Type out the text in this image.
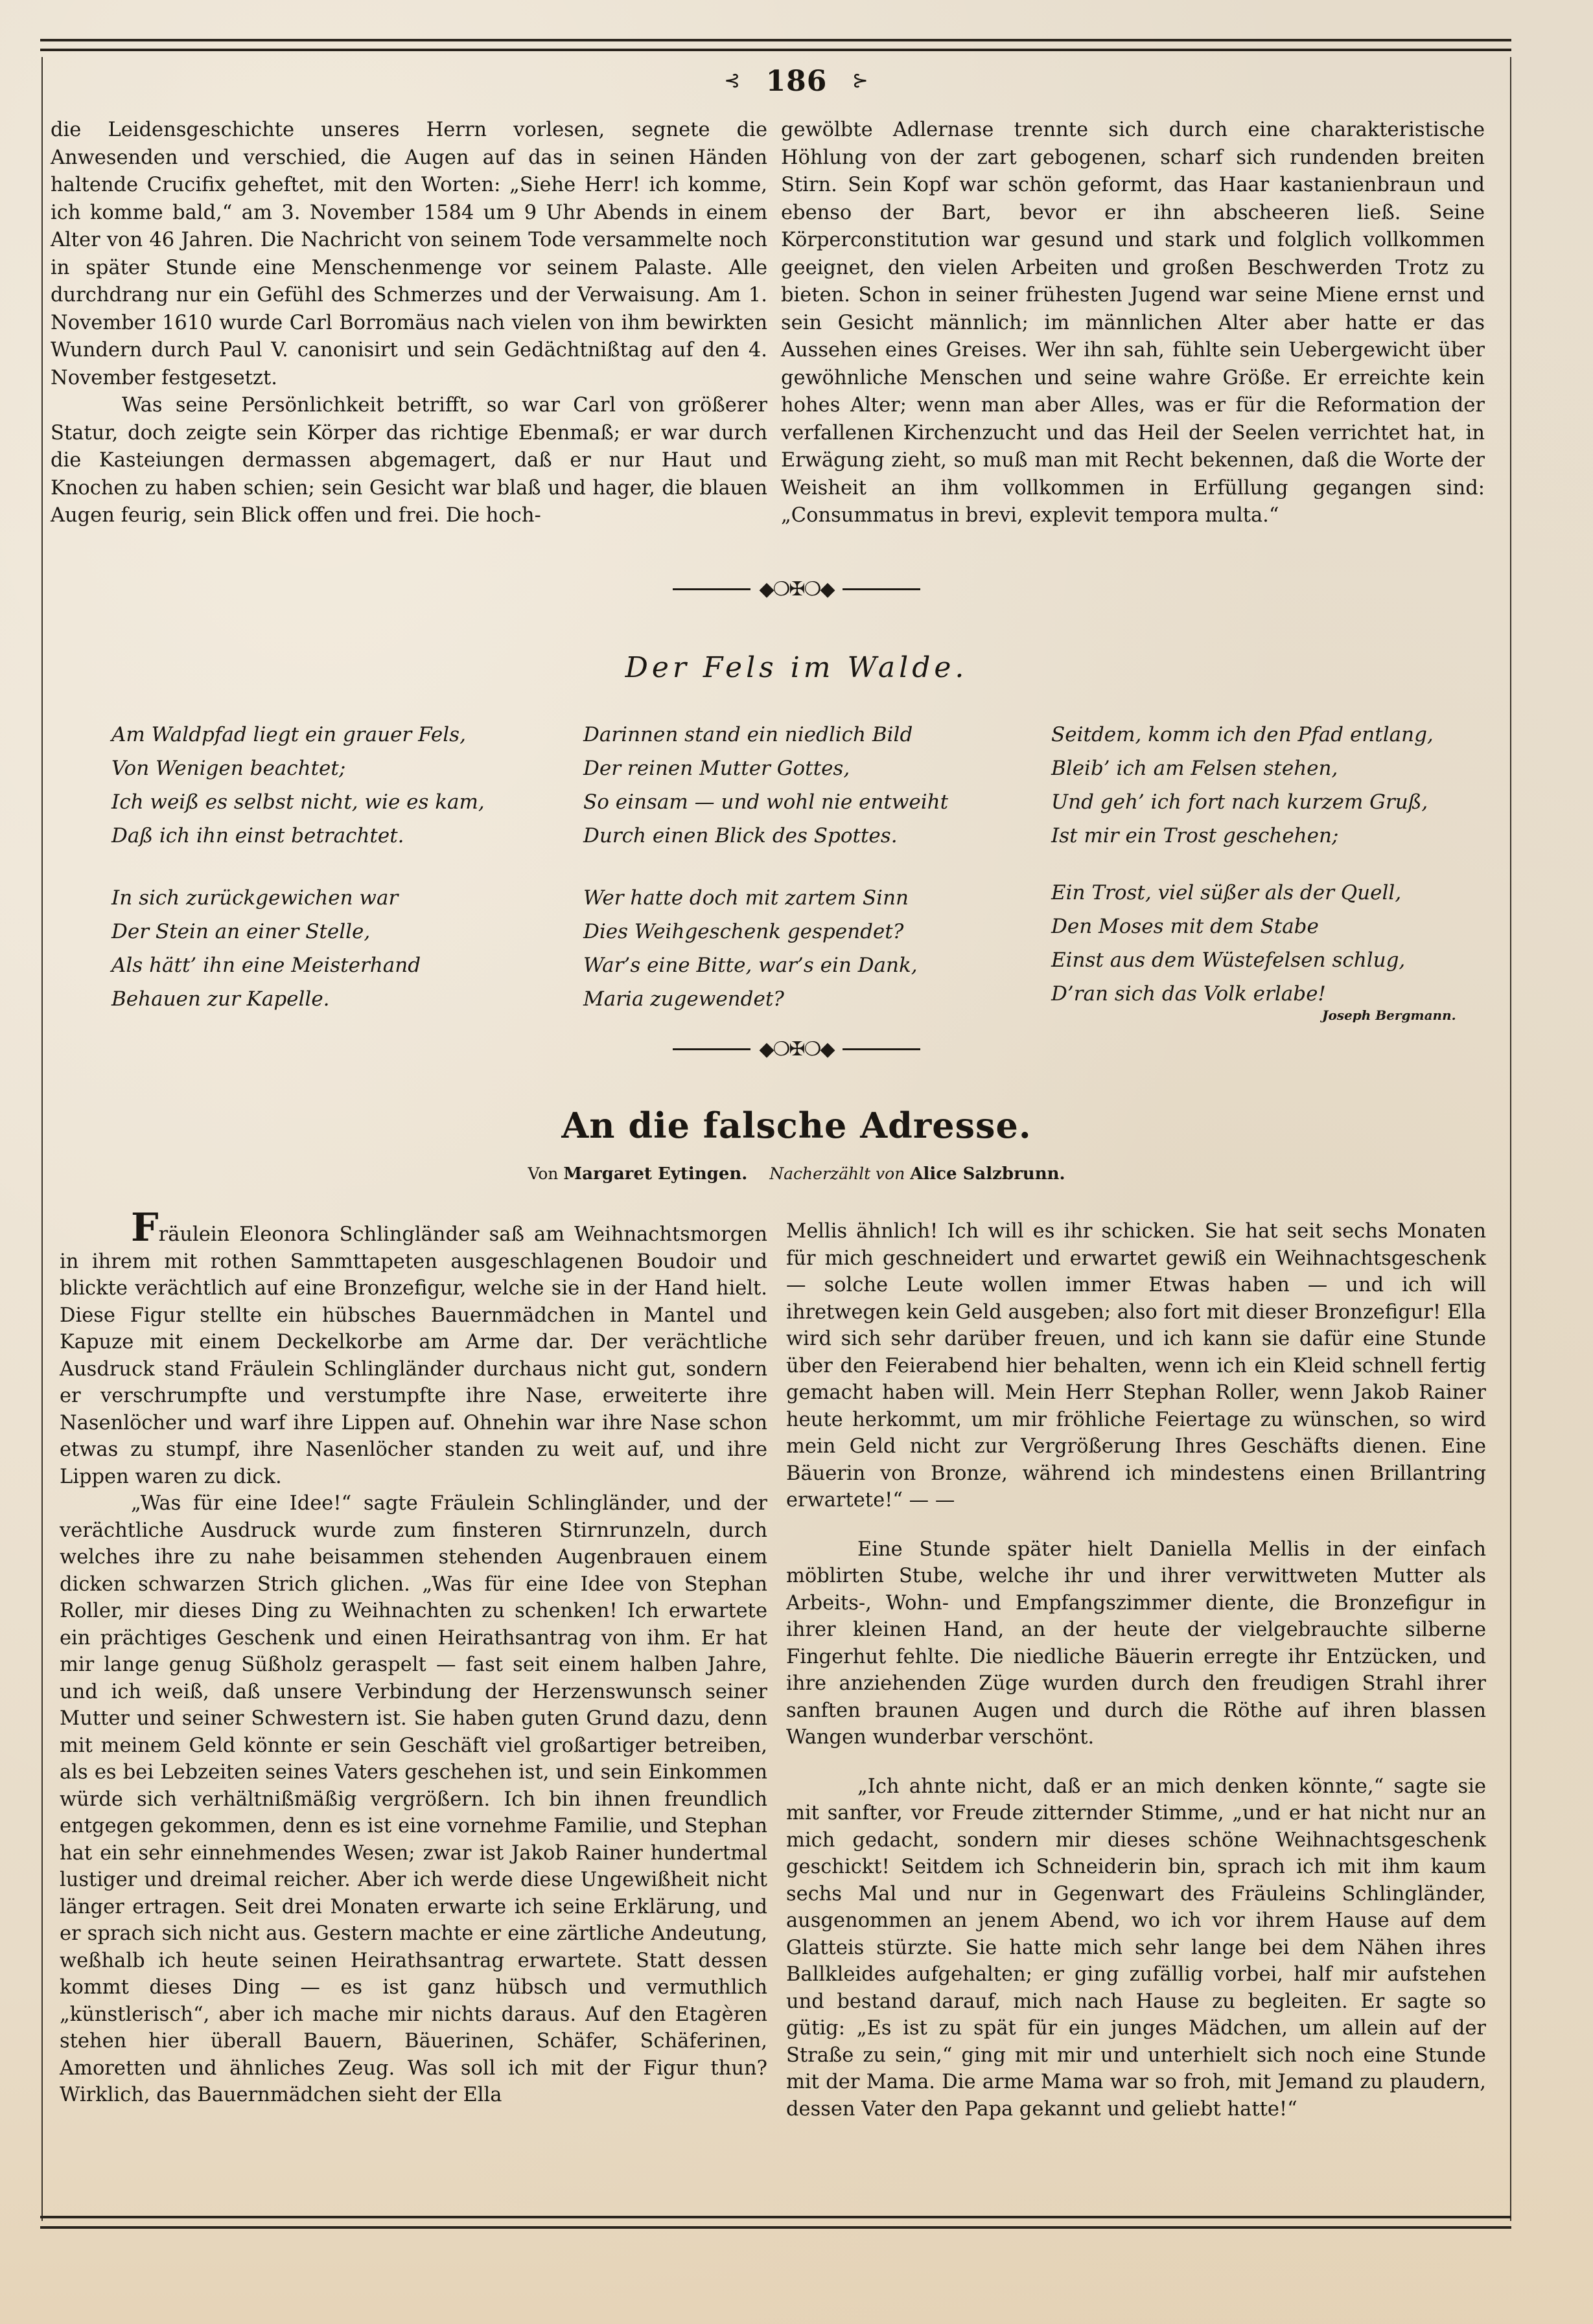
⊰ 186 ⊱

die Leidensgeschichte unseres Herrn vorlesen, segnete die Anwesenden und verschied, die Augen auf das in seinen Händen haltende Crucifix geheftet, mit den Worten: „Siehe Herr! ich komme, ich komme bald,“ am 3. November 1584 um 9 Uhr Abends in einem Alter von 46 Jahren. Die Nachricht von seinem Tode versammelte noch in später Stunde eine Menschenmenge vor seinem Palaste. Alle durchdrang nur ein Gefühl des Schmerzes und der Verwaisung. Am 1. November 1610 wurde Carl Borromäus nach vielen von ihm bewirkten Wundern durch Paul V. canonisirt und sein Gedächtnißtag auf den 4. November festgesetzt.

Was seine Persönlichkeit betrifft, so war Carl von größerer Statur, doch zeigte sein Körper das richtige Ebenmaß; er war durch die Kasteiungen dermassen abgemagert, daß er nur Haut und Knochen zu haben schien; sein Gesicht war blaß und hager, die blauen Augen feurig, sein Blick offen und frei. Die hoch-

gewölbte Adlernase trennte sich durch eine charakteristische Höhlung von der zart gebogenen, scharf sich rundenden breiten Stirn. Sein Kopf war schön geformt, das Haar kastanienbraun und ebenso der Bart, bevor er ihn abscheeren ließ. Seine Körperconstitution war gesund und stark und folglich vollkommen geeignet, den vielen Arbeiten und großen Beschwerden Trotz zu bieten. Schon in seiner frühesten Jugend war seine Miene ernst und sein Gesicht männlich; im männlichen Alter aber hatte er das Aussehen eines Greises. Wer ihn sah, fühlte sein Uebergewicht über gewöhnliche Menschen und seine wahre Größe. Er erreichte kein hohes Alter; wenn man aber Alles, was er für die Reformation der verfallenen Kirchenzucht und das Heil der Seelen verrichtet hat, in Erwägung zieht, so muß man mit Recht bekennen, daß die Worte der Weisheit an ihm vollkommen in Erfüllung gegangen sind: „Consummatus in brevi, explevit tempora multa.“

◆❍✠❍◆
Der Fels im Walde.
Am Waldpfad liegt ein grauer Fels,
Von Wenigen beachtet;
Ich weiß es selbst nicht, wie es kam,
Daß ich ihn einst betrachtet.
In sich zurückgewichen war
Der Stein an einer Stelle,
Als hätt’ ihn eine Meisterhand
Behauen zur Kapelle.
Darinnen stand ein niedlich Bild
Der reinen Mutter Gottes,
So einsam — und wohl nie entweiht
Durch einen Blick des Spottes.
Wer hatte doch mit zartem Sinn
Dies Weihgeschenk gespendet?
War’s eine Bitte, war’s ein Dank,
Maria zugewendet?
Seitdem, komm ich den Pfad entlang,
Bleib’ ich am Felsen stehen,
Und geh’ ich fort nach kurzem Gruß,
Ist mir ein Trost geschehen;
Ein Trost, viel süßer als der Quell,
Den Moses mit dem Stabe
Einst aus dem Wüstefelsen schlug,
D’ran sich das Volk erlabe!
Joseph Bergmann.
◆❍✠❍◆
An die falsche Adresse.
Von Margaret Eytingen. Nacherzählt von Alice Salzbrunn.

Fräulein Eleonora Schlingländer saß am Weihnachtsmorgen in ihrem mit rothen Sammttapeten ausgeschlagenen Boudoir und blickte verächtlich auf eine Bronzefigur, welche sie in der Hand hielt. Diese Figur stellte ein hübsches Bauernmädchen in Mantel und Kapuze mit einem Deckelkorbe am Arme dar. Der verächtliche Ausdruck stand Fräulein Schlingländer durchaus nicht gut, sondern er verschrumpfte und verstumpfte ihre Nase, erweiterte ihre Nasenlöcher und warf ihre Lippen auf. Ohnehin war ihre Nase schon etwas zu stumpf, ihre Nasenlöcher standen zu weit auf, und ihre Lippen waren zu dick.

„Was für eine Idee!“ sagte Fräulein Schlingländer, und der verächtliche Ausdruck wurde zum finsteren Stirnrunzeln, durch welches ihre zu nahe beisammen stehenden Augenbrauen einem dicken schwarzen Strich glichen. „Was für eine Idee von Stephan Roller, mir dieses Ding zu Weihnachten zu schenken! Ich erwartete ein prächtiges Geschenk und einen Heirathsantrag von ihm. Er hat mir lange genug Süßholz geraspelt — fast seit einem halben Jahre, und ich weiß, daß unsere Verbindung der Herzenswunsch seiner Mutter und seiner Schwestern ist. Sie haben guten Grund dazu, denn mit meinem Geld könnte er sein Geschäft viel großartiger betreiben, als es bei Lebzeiten seines Vaters geschehen ist, und sein Einkommen würde sich verhältnißmäßig vergrößern. Ich bin ihnen freundlich entgegen gekommen, denn es ist eine vornehme Familie, und Stephan hat ein sehr einnehmendes Wesen; zwar ist Jakob Rainer hundertmal lustiger und dreimal reicher. Aber ich werde diese Ungewißheit nicht länger ertragen. Seit drei Monaten erwarte ich seine Erklärung, und er sprach sich nicht aus. Gestern machte er eine zärtliche Andeutung, weßhalb ich heute seinen Heirathsantrag erwartete. Statt dessen kommt dieses Ding — es ist ganz hübsch und vermuthlich „künstlerisch“, aber ich mache mir nichts daraus. Auf den Etagèren stehen hier überall Bauern, Bäuerinen, Schäfer, Schäferinen, Amoretten und ähnliches Zeug. Was soll ich mit der Figur thun? Wirklich, das Bauernmädchen sieht der Ella

Mellis ähnlich! Ich will es ihr schicken. Sie hat seit sechs Monaten für mich geschneidert und erwartet gewiß ein Weihnachtsgeschenk — solche Leute wollen immer Etwas haben — und ich will ihretwegen kein Geld ausgeben; also fort mit dieser Bronzefigur! Ella wird sich sehr darüber freuen, und ich kann sie dafür eine Stunde über den Feierabend hier behalten, wenn ich ein Kleid schnell fertig gemacht haben will. Mein Herr Stephan Roller, wenn Jakob Rainer heute herkommt, um mir fröhliche Feiertage zu wünschen, so wird mein Geld nicht zur Vergrößerung Ihres Geschäfts dienen. Eine Bäuerin von Bronze, während ich mindestens einen Brillantring erwartete!“ — —

Eine Stunde später hielt Daniella Mellis in der einfach möblirten Stube, welche ihr und ihrer verwittweten Mutter als Arbeits-, Wohn- und Empfangszimmer diente, die Bronzefigur in ihrer kleinen Hand, an der heute der vielgebrauchte silberne Fingerhut fehlte. Die niedliche Bäuerin erregte ihr Entzücken, und ihre anziehenden Züge wurden durch den freudigen Strahl ihrer sanften braunen Augen und durch die Röthe auf ihren blassen Wangen wunderbar verschönt.

„Ich ahnte nicht, daß er an mich denken könnte,“ sagte sie mit sanfter, vor Freude zitternder Stimme, „und er hat nicht nur an mich gedacht, sondern mir dieses schöne Weihnachtsgeschenk geschickt! Seitdem ich Schneiderin bin, sprach ich mit ihm kaum sechs Mal und nur in Gegenwart des Fräuleins Schlingländer, ausgenommen an jenem Abend, wo ich vor ihrem Hause auf dem Glatteis stürzte. Sie hatte mich sehr lange bei dem Nähen ihres Ballkleides aufgehalten; er ging zufällig vorbei, half mir aufstehen und bestand darauf, mich nach Hause zu begleiten. Er sagte so gütig: „Es ist zu spät für ein junges Mädchen, um allein auf der Straße zu sein,“ ging mit mir und unterhielt sich noch eine Stunde mit der Mama. Die arme Mama war so froh, mit Jemand zu plaudern, dessen Vater den Papa gekannt und geliebt hatte!“
